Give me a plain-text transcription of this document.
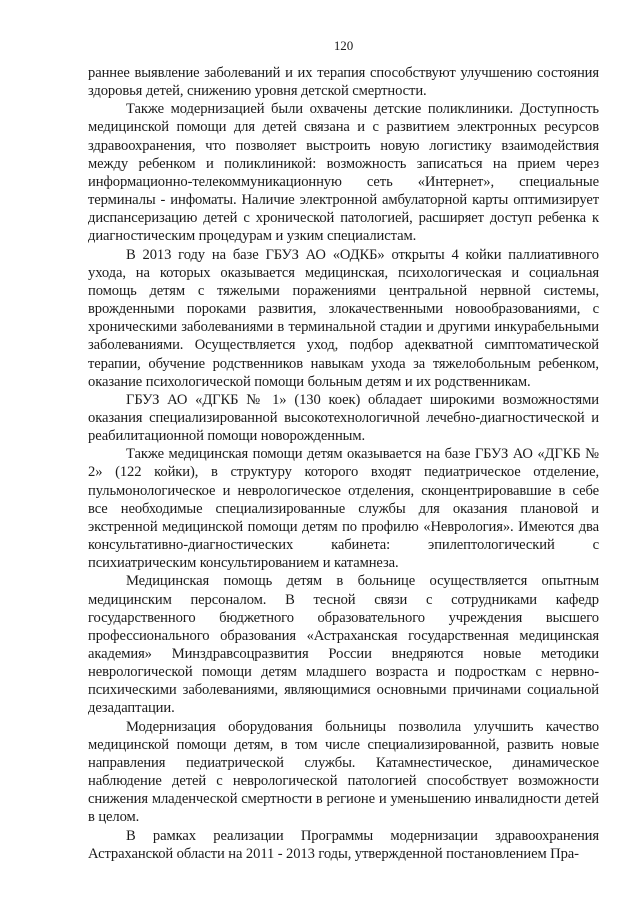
120

раннее выявление заболеваний и их терапия способствуют улучшению состояния здоровья детей, снижению уровня детской смертности.

Также модернизацией были охвачены детские поликлиники. Доступность медицинской помощи для детей связана и с развитием электронных ресурсов здравоохранения, что позволяет выстроить новую логистику взаимодействия между ребенком и поликлиникой: возможность записаться на прием через информационно-телекоммуникационную сеть «Интернет», специальные терминалы - инфоматы. Наличие электронной амбулаторной карты оптимизирует диспансеризацию детей с хронической патологией, расширяет доступ ребенка к диагностическим процедурам и узким специалистам.

В 2013 году на базе ГБУЗ АО «ОДКБ» открыты 4 койки паллиативного ухода, на которых оказывается медицинская, психологическая и социальная помощь детям с тяжелыми поражениями центральной нервной системы, врожденными пороками развития, злокачественными новообразованиями, с хроническими заболеваниями в терминальной стадии и другими инкурабельными заболеваниями. Осуществляется уход, подбор адекватной симптоматической терапии, обучение родственников навыкам ухода за тяжелобольным ребенком, оказание психологической помощи больным детям и их родственникам.

ГБУЗ АО «ДГКБ № 1» (130 коек) обладает широкими возможностями оказания специализированной высокотехнологичной лечебно-диагностической и реабилитационной помощи новорожденным.

Также медицинская помощи детям оказывается на базе ГБУЗ АО «ДГКБ № 2» (122 койки), в структуру которого входят педиатрическое отделение, пульмонологическое и неврологическое отделения, сконцентрировавшие в себе все необходимые специализированные службы для оказания плановой и экстренной медицинской помощи детям по профилю «Неврология». Имеются два консультативно-диагностических кабинета: эпилептологический с психиатрическим консультированием и катамнеза.

Медицинская помощь детям в больнице осуществляется опытным медицинским персоналом. В тесной связи с сотрудниками кафедр государственного бюджетного образовательного учреждения высшего профессионального образования «Астраханская государственная медицинская академия» Минздравсоцразвития России внедряются новые методики неврологической помощи детям младшего возраста и подросткам с нервно-психическими заболеваниями, являющимися основными причинами социальной дезадаптации.

Модернизация оборудования больницы позволила улучшить качество медицинской помощи детям, в том числе специализированной, развить новые направления педиатрической службы. Катамнестическое, динамическое наблюдение детей с неврологической патологией способствует возможности снижения младенческой смертности в регионе и уменьшению инвалидности детей в целом.

В рамках реализации Программы модернизации здравоохранения Астраханской области на 2011 - 2013 годы, утвержденной постановлением Пра-
